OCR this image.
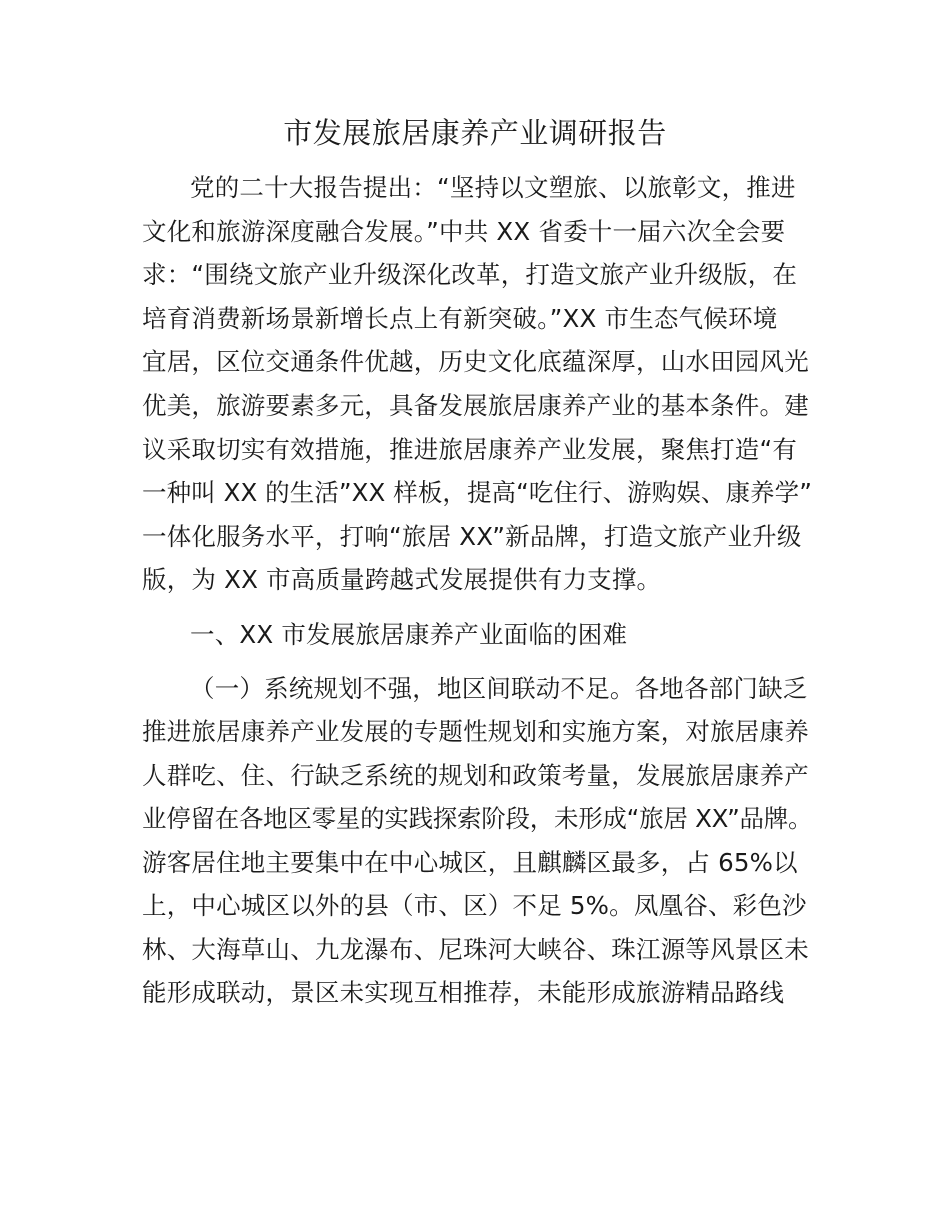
市发展旅居康养产业调研报告
党的二十大报告提出：“坚持以文塑旅、以旅彰文，推进
文化和旅游深度融合发展。”中共 XX 省委十一届六次全会要
求：“围绕文旅产业升级深化改革，打造文旅产业升级版，在
培育消费新场景新增长点上有新突破。”XX 市生态气候环境
宜居，区位交通条件优越，历史文化底蕴深厚，山水田园风光
优美，旅游要素多元，具备发展旅居康养产业的基本条件。建
议采取切实有效措施，推进旅居康养产业发展，聚焦打造“有
一种叫 XX 的生活”XX 样板，提高“吃住行、游购娱、康养学”
一体化服务水平，打响“旅居 XX”新品牌，打造文旅产业升级
版，为 XX 市高质量跨越式发展提供有力支撑。
一、XX 市发展旅居康养产业面临的困难
（一）系统规划不强，地区间联动不足。各地各部门缺乏
推进旅居康养产业发展的专题性规划和实施方案，对旅居康养
人群吃、住、行缺乏系统的规划和政策考量，发展旅居康养产
业停留在各地区零星的实践探索阶段，未形成“旅居 XX”品牌。
游客居住地主要集中在中心城区，且麒麟区最多，占 65%以
上，中心城区以外的县（市、区）不足 5%。凤凰谷、彩色沙
林、大海草山、九龙瀑布、尼珠河大峡谷、珠江源等风景区未
能形成联动，景区未实现互相推荐，未能形成旅游精品路线
